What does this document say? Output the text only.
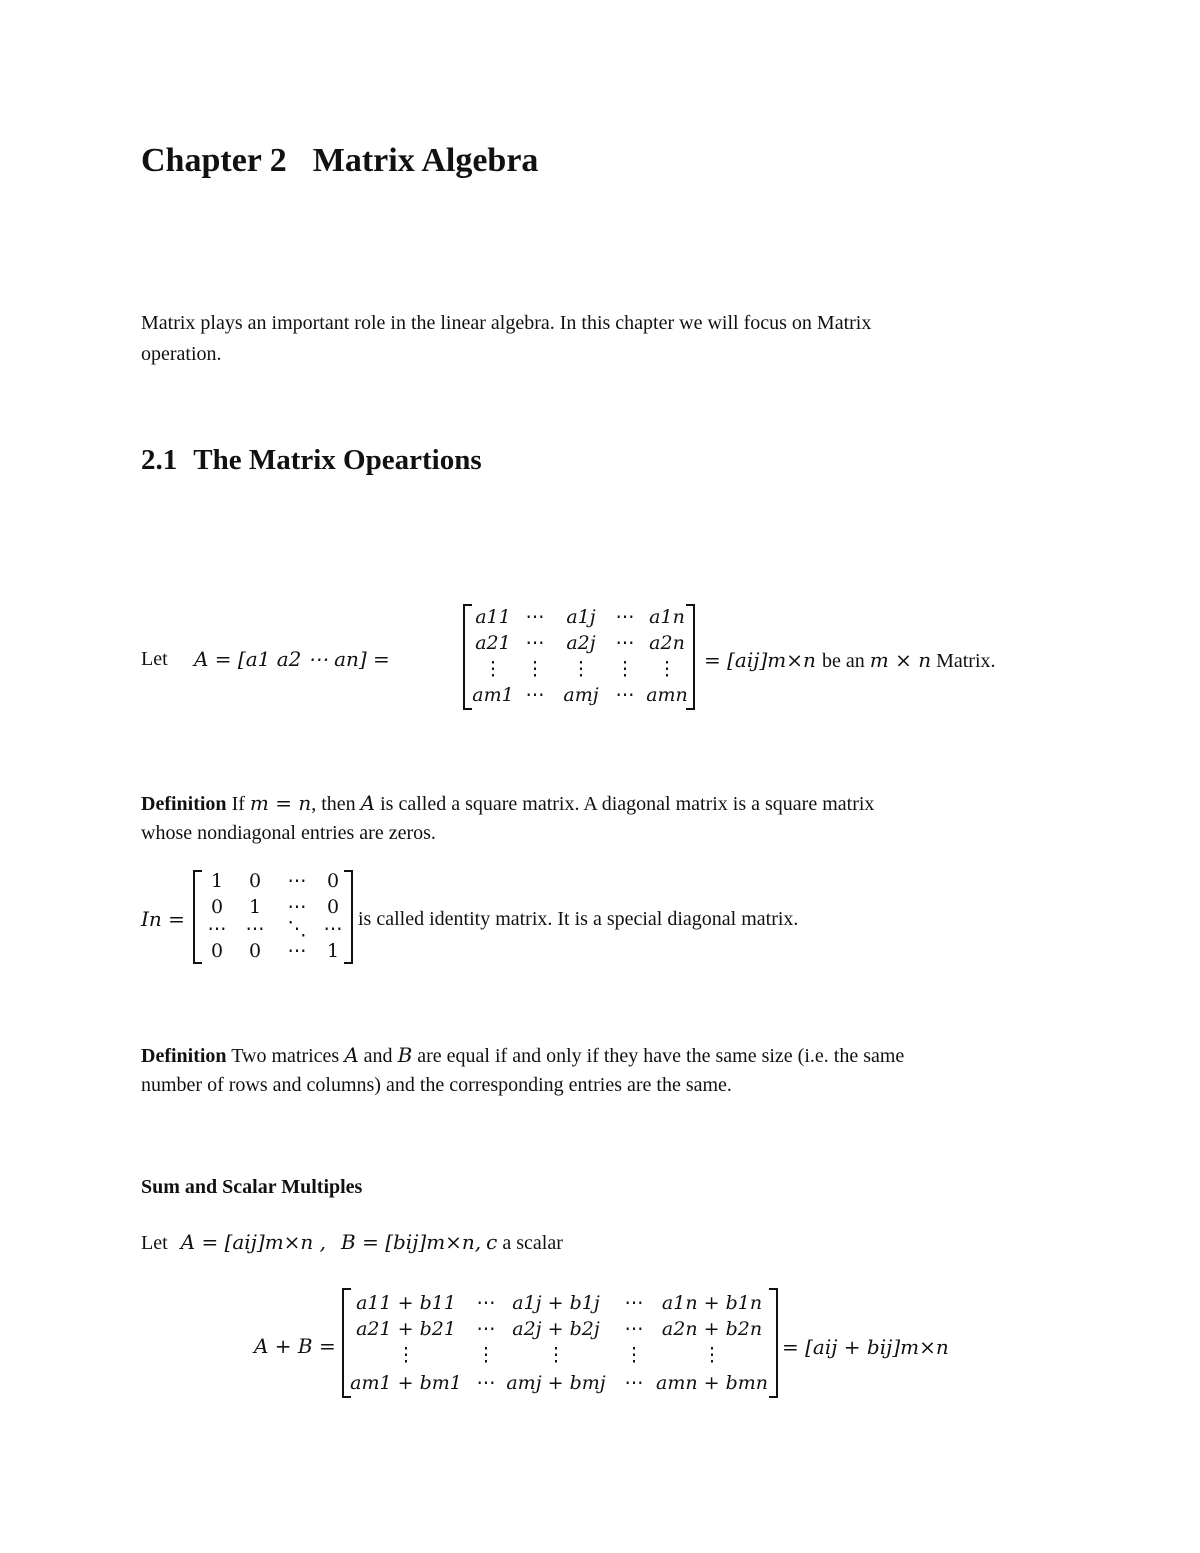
Chapter 2 Matrix Algebra
Matrix plays an important role in the linear algebra. In this chapter we will focus on Matrix
operation.
2.1 The Matrix Opeartions
Let A = [a1 a2 ⋯ an] =
a11 ⋯	a1j	⋯ a1n
a21 ⋯	a2j	⋯ a2n
⋮	⋮	⋮	⋮	⋮
am1 ⋯ amj ⋯ amn
= [aij]m×n be an m × n Matrix.
Definition If m = n, then A is called a square matrix. A diagonal matrix is a square matrix
whose nondiagonal entries are zeros.
In =
1	0	⋯	0
0	1	⋯	0
⋯	⋯	⋱ ⋯
0	0	⋯	1
is called identity matrix. It is a special diagonal matrix.
Definition Two matrices A and B are equal if and only if they have the same size (i.e. the same
number of rows and columns) and the corresponding entries are the same.
Sum and Scalar Multiples
Let A = [aij]m×n , B = [bij]m×n, c a scalar
A + B =
a11 + b11	⋯ a1j + b1j	⋯ a1n + b1n
a21 + b21	⋯ a2j + b2j	⋯ a2n + b2n
⋮	⋮	⋮	⋮	⋮
am1 + bm1 ⋯ amj + bmj ⋯ amn + bmn
= [aij + bij]m×n
